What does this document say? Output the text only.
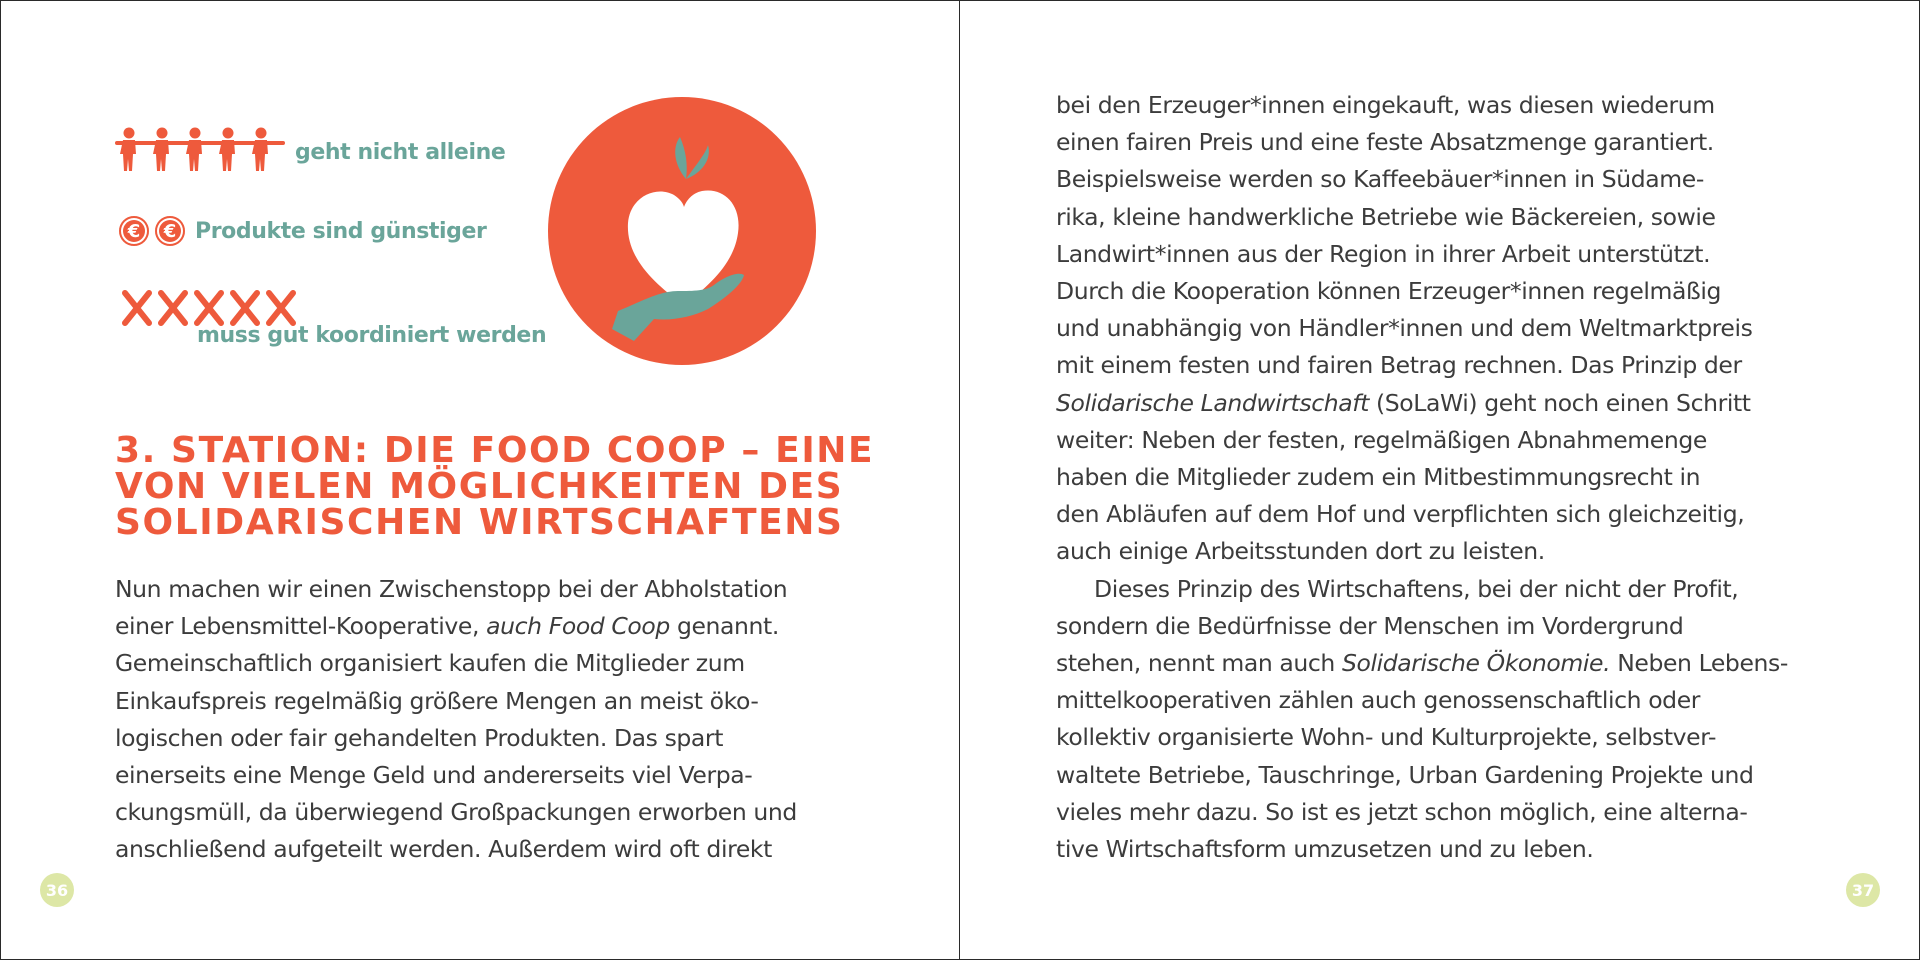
geht nicht alleine
€	€ Produkte sind günstiger
muss gut koordiniert werden
3. STATION: DIE FOOD COOP – EINE
VON VIELEN MÖGLICHKEITEN DES
SOLIDARISCHEN WIRTSCHAFTENS
Nun machen wir einen Zwischenstopp bei der Abholstation
einer Lebensmittel-Kooperative, auch Food Coop genannt.
Gemeinschaftlich organisiert kaufen die Mitglieder zum
Einkaufspreis regelmäßig größere Mengen an meist öko-
logischen oder fair gehandelten Produkten. Das spart
einerseits eine Menge Geld und andererseits viel Verpa-
ckungsmüll, da überwiegend Großpackungen erworben und
anschließend aufgeteilt werden. Außerdem wird oft direkt
36
bei den Erzeuger*innen eingekauft, was diesen wiederum
einen fairen Preis und eine feste Absatzmenge garantiert.
Beispielsweise werden so Kaffeebäuer*innen in Südame-
rika, kleine handwerkliche Betriebe wie Bäckereien, sowie
Landwirt*innen aus der Region in ihrer Arbeit unterstützt.
Durch die Kooperation können Erzeuger*innen regelmäßig
und unabhängig von Händler*innen und dem Weltmarktpreis
mit einem festen und fairen Betrag rechnen. Das Prinzip der
Solidarische Landwirtschaft (SoLaWi) geht noch einen Schritt
weiter: Neben der festen, regelmäßigen Abnahmemenge
haben die Mitglieder zudem ein Mitbestimmungsrecht in
den Abläufen auf dem Hof und verpflichten sich gleichzeitig,
auch einige Arbeitsstunden dort zu leisten.
Dieses Prinzip des Wirtschaftens, bei der nicht der Profit,
sondern die Bedürfnisse der Menschen im Vordergrund
stehen, nennt man auch Solidarische Ökonomie. Neben Lebens-
mittelkooperativen zählen auch genossenschaftlich oder
kollektiv organisierte Wohn- und Kulturprojekte, selbstver-
waltete Betriebe, Tauschringe, Urban Gardening Projekte und
vieles mehr dazu. So ist es jetzt schon möglich, eine alterna-
tive Wirtschaftsform umzusetzen und zu leben.
37
